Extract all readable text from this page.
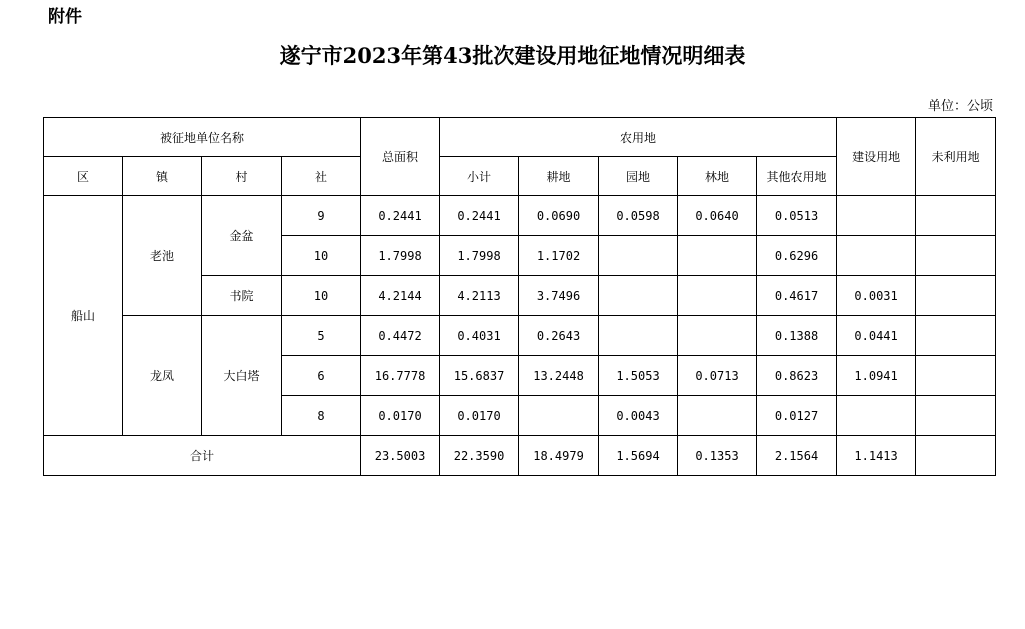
附件
遂宁市2023年第43批次建设用地征地情况明细表
单位：公顷
被征地单位名称				总面积	农用地					建设用地	未利用地
区	镇	村	社		小计	耕地	园地	林地	其他农用地		
船山	老池	金盆	9	0.2441	0.2441	0.0690	0.0598	0.0640	0.0513		
			10	1.7998	1.7998	1.1702			0.6296		
		书院	10	4.2144	4.2113	3.7496			0.4617	0.0031	
	龙凤	大白塔	5	0.4472	0.4031	0.2643			0.1388	0.0441	
			6	16.7778	15.6837	13.2448	1.5053	0.0713	0.8623	1.0941	
			8	0.0170	0.0170		0.0043		0.0127		
合计				23.5003	22.3590	18.4979	1.5694	0.1353	2.1564	1.1413	
